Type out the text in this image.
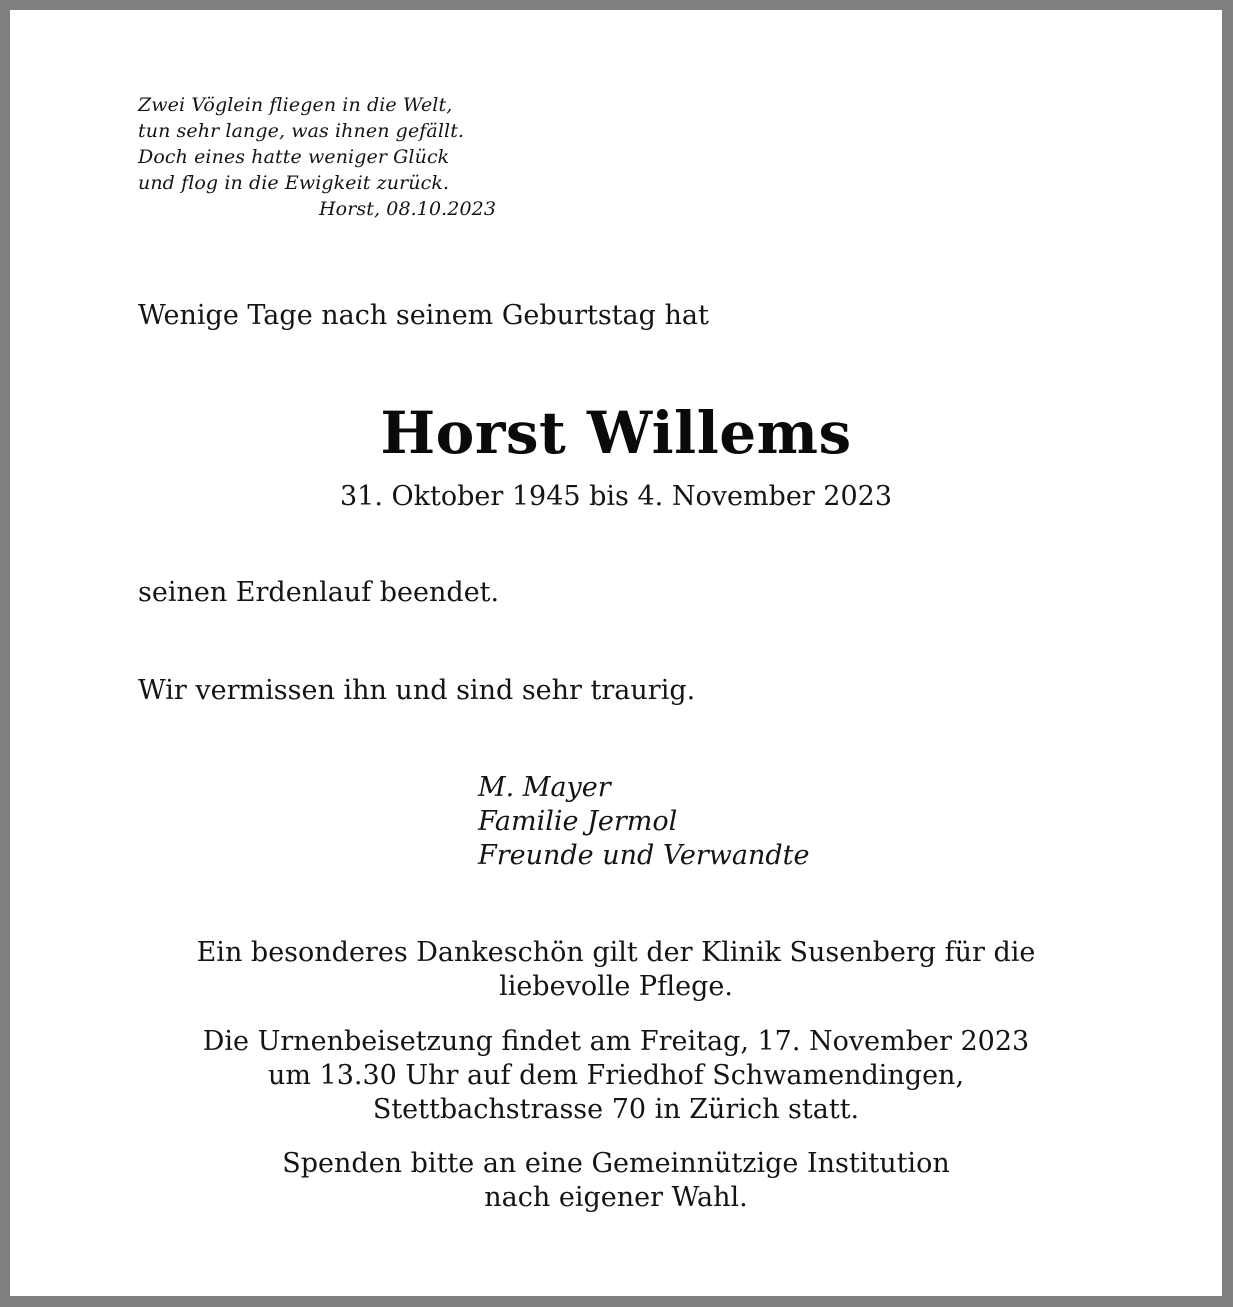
Zwei Vöglein fliegen in die Welt,
tun sehr lange, was ihnen gefällt.
Doch eines hatte weniger Glück
und flog in die Ewigkeit zurück.
Horst, 08.10.2023
Wenige Tage nach seinem Geburtstag hat
Horst Willems
31. Oktober 1945 bis 4. November 2023
seinen Erdenlauf beendet.
Wir vermissen ihn und sind sehr traurig.
M. Mayer
Familie Jermol
Freunde und Verwandte
Ein besonderes Dankeschön gilt der Klinik Susenberg für die
liebevolle Pflege.
Die Urnenbeisetzung findet am Freitag, 17. November 2023
um 13.30 Uhr auf dem Friedhof Schwamendingen,
Stettbachstrasse 70 in Zürich statt.
Spenden bitte an eine Gemeinnützige Institution
nach eigener Wahl.
